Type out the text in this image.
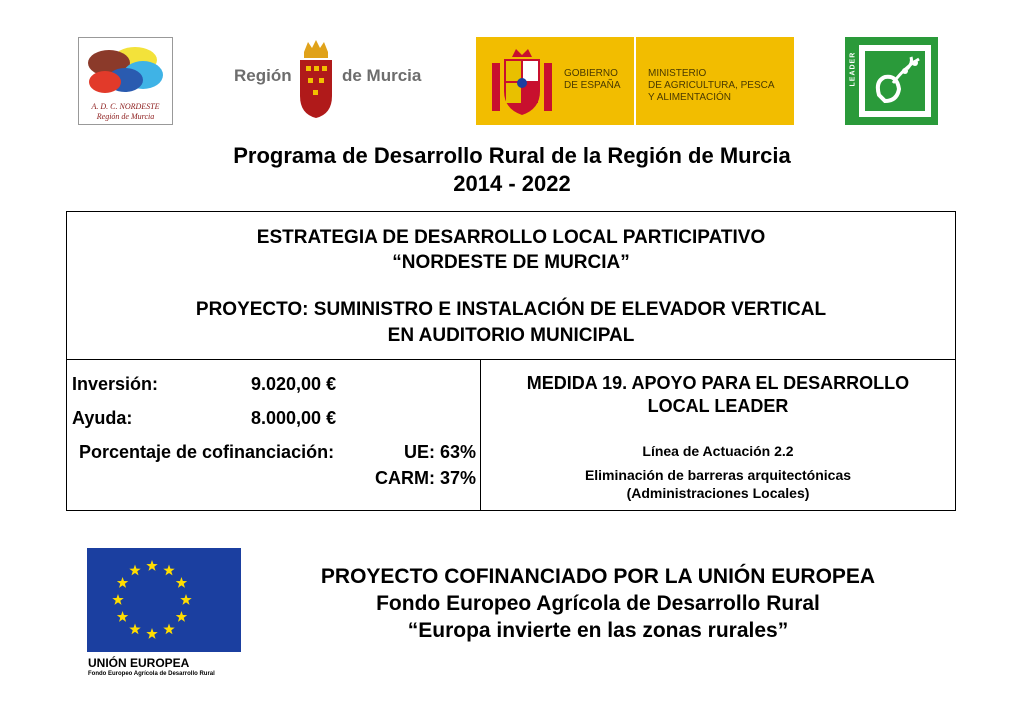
A. D. C. NORDESTE
Región de Murcia
Región	de Murcia	GOBIERNO
DE ESPAÑA
MINISTERIO
DE AGRICULTURA, PESCA
Y ALIMENTACIÓN
LEADER
Programa de Desarrollo Rural de la Región de Murcia
2014 - 2022
ESTRATEGIA DE DESARROLLO LOCAL PARTICIPATIVO
“NORDESTE DE MURCIA”
PROYECTO: SUMINISTRO E INSTALACIÓN DE ELEVADOR VERTICAL
EN AUDITORIO MUNICIPAL
Inversión:	9.020,00 €
Ayuda:	8.000,00 €
Porcentaje de cofinanciación:	UE: 63%
CARM: 37%
MEDIDA 19. APOYO PARA EL DESARROLLO
LOCAL LEADER
Línea de Actuación 2.2
Eliminación de barreras arquitectónicas
(Administraciones Locales)
UNIÓN EUROPEA
Fondo Europeo Agrícola de Desarrollo Rural
PROYECTO COFINANCIADO POR LA UNIÓN EUROPEA
Fondo Europeo Agrícola de Desarrollo Rural
“Europa invierte en las zonas rurales”
